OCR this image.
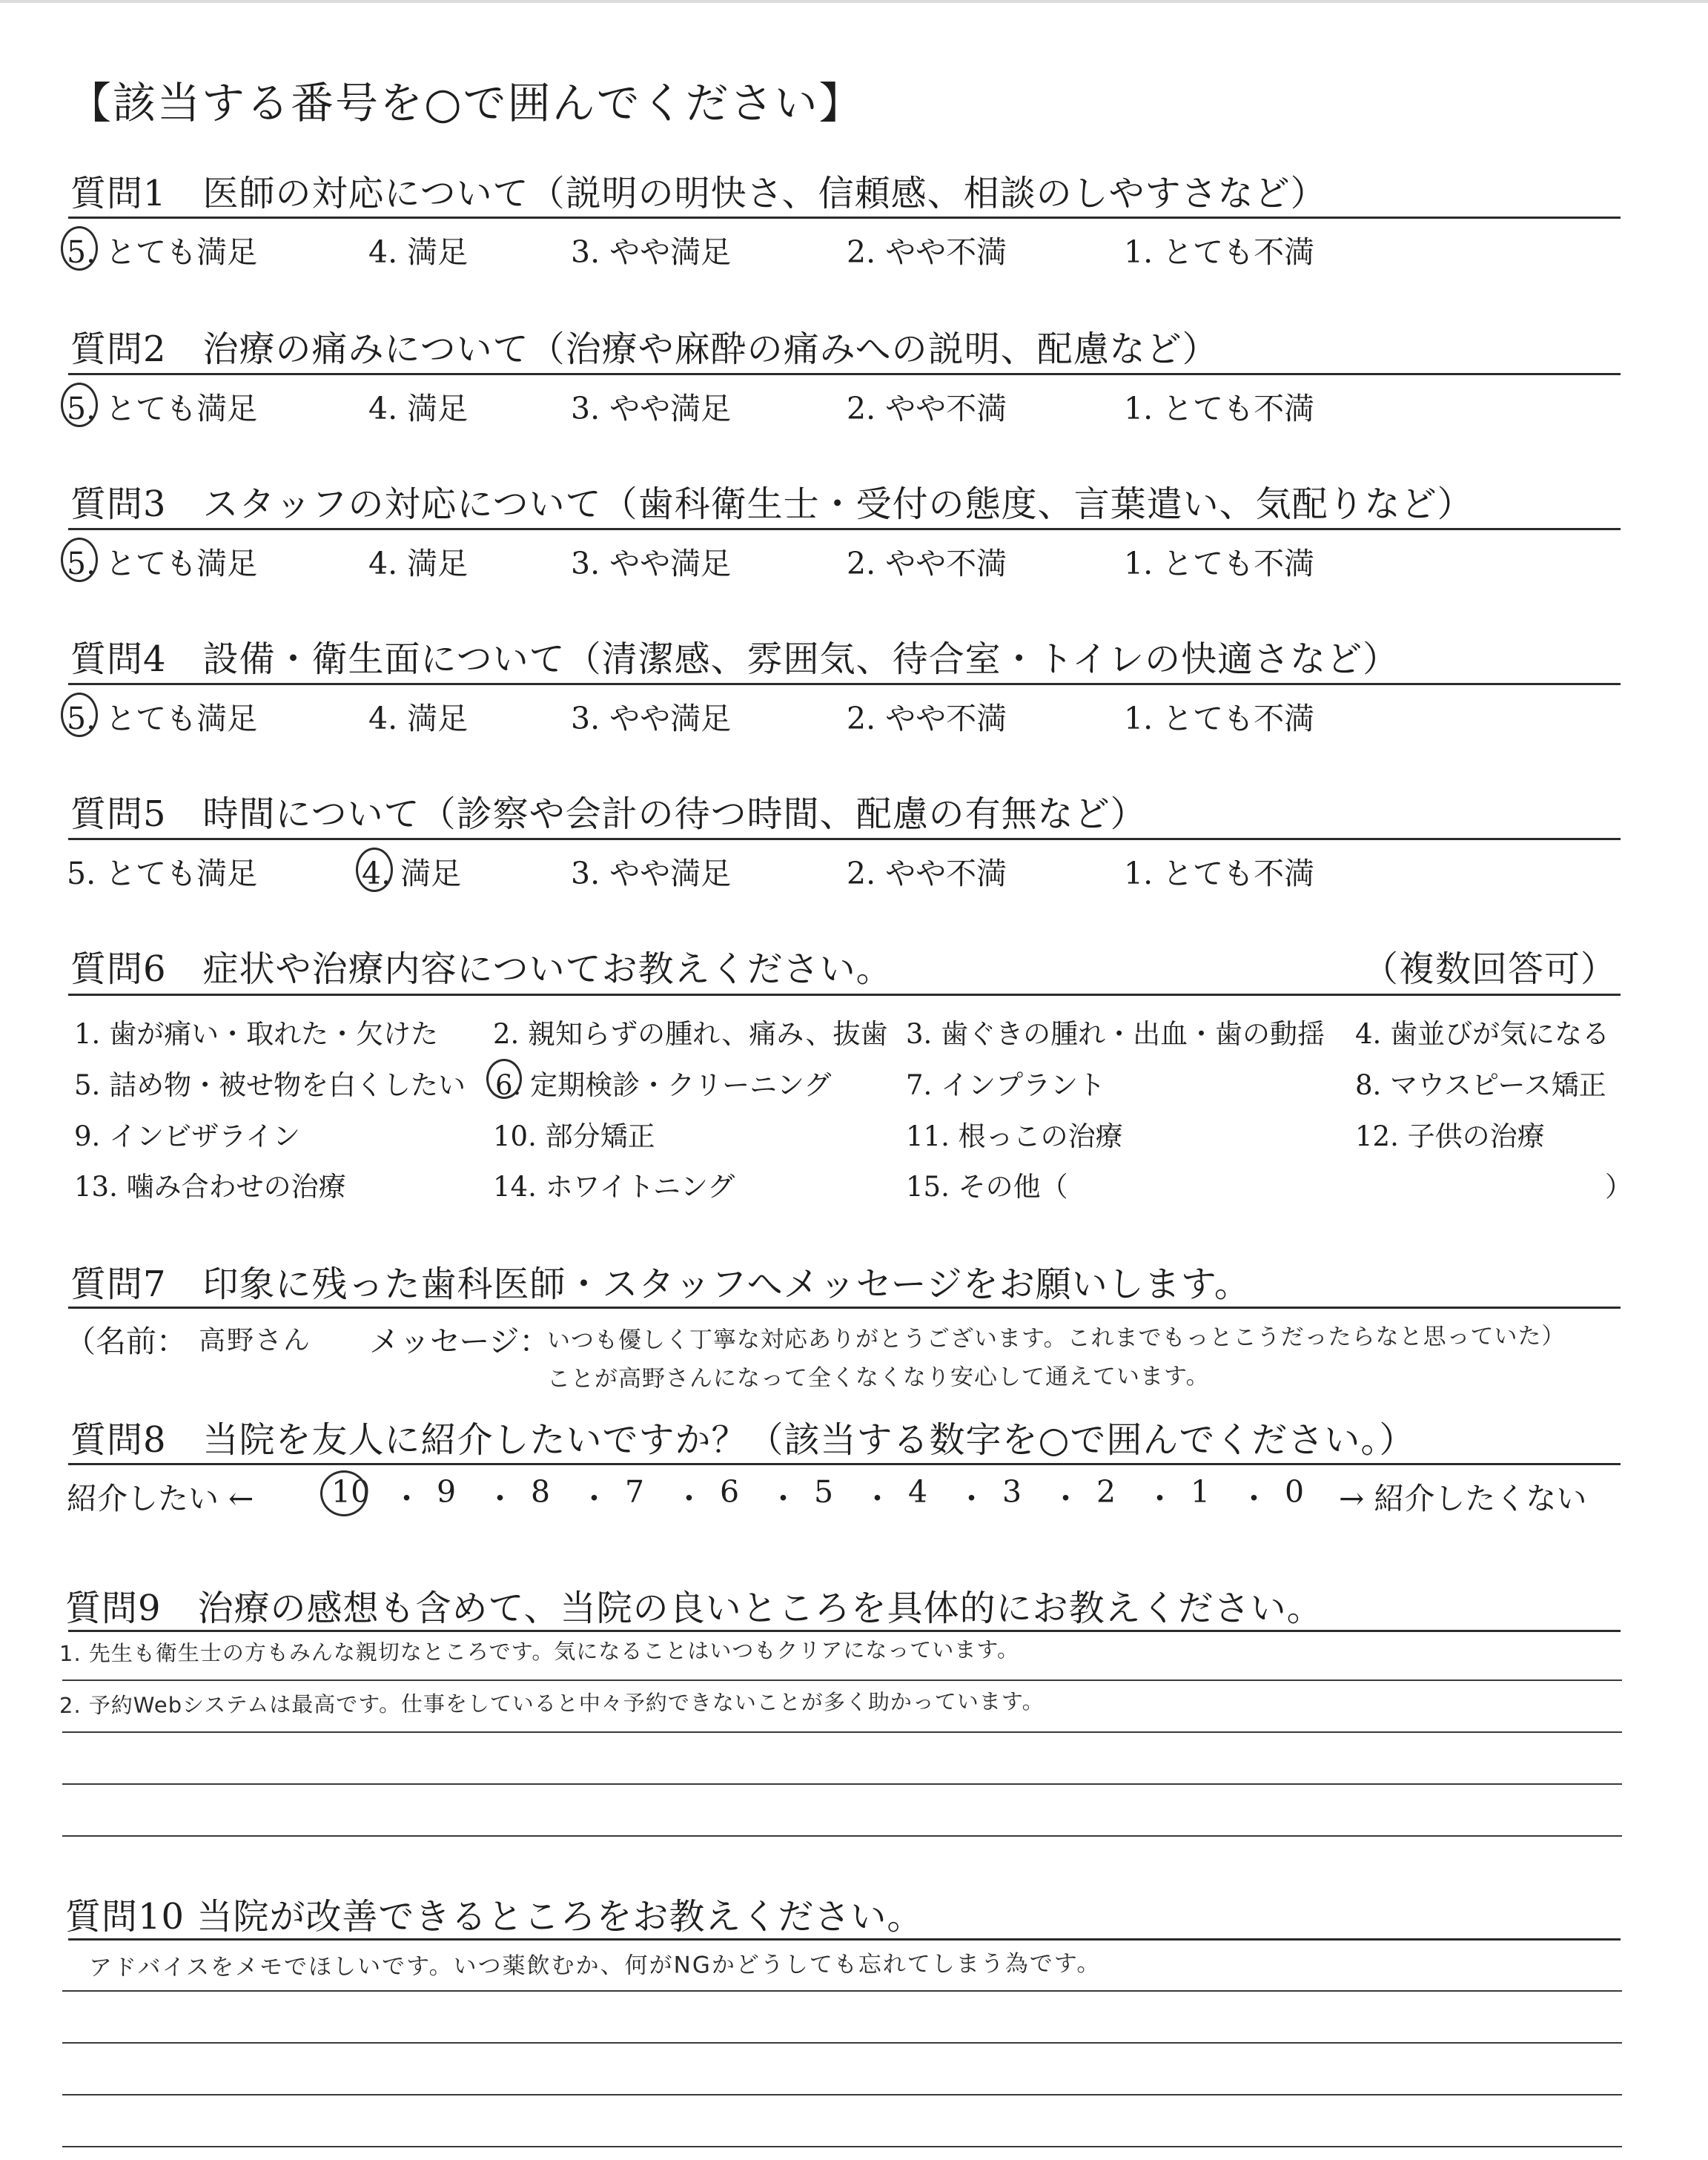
【該当する番号を○で囲んでください】
質問1　医師の対応について（説明の明快さ、信頼感、相談のしやすさなど）
5. とても満足	4. 満足	3. やや満足	2. やや不満	1. とても不満
質問2　治療の痛みについて（治療や麻酔の痛みへの説明、配慮など）
5. とても満足	4. 満足	3. やや満足	2. やや不満	1. とても不満
質問3　スタッフの対応について（歯科衛生士・受付の態度、言葉遣い、気配りなど）
5. とても満足	4. 満足	3. やや満足	2. やや不満	1. とても不満
質問4　設備・衛生面について（清潔感、雰囲気、待合室・トイレの快適さなど）
5. とても満足	4. 満足	3. やや満足	2. やや不満	1. とても不満
質問5　時間について（診察や会計の待つ時間、配慮の有無など）
5. とても満足	4. 満足	3. やや満足	2. やや不満	1. とても不満
質問6　症状や治療内容についてお教えください。	（複数回答可）
1. 歯が痛い・取れた・欠けた 2. 親知らずの腫れ、痛み、抜歯 3. 歯ぐきの腫れ・出血・歯の動揺 4. 歯並びが気になる
5. 詰め物・被せ物を白くしたい 6. 定期検診・クリーニング	7. インプラント	8. マウスピース矯正
9. インビザライン	10. 部分矯正	11. 根っこの治療	12. 子供の治療
13. 噛み合わせの治療	14. ホワイトニング	15. その他（	）
質問7　印象に残った歯科医師・スタッフへメッセージをお願いします。
（名前： 高野さん メッセージ：
いつも優しく丁寧な対応ありがとうございます。これまでもっとこうだったらなと思っていた）
ことが高野さんになって全くなくなり安心して通えています。
質問8　当院を友人に紹介したいですか？（該当する数字を○で囲んでください。）
紹介したい ←	10 ・ 9 ・ 8 ・ 7 ・ 6 ・ 5 ・ 4 ・ 3 ・ 2 ・ 1 ・ 0 → 紹介したくない
質問9　治療の感想も含めて、当院の良いところを具体的にお教えください。
1. 先生も衛生士の方もみんな親切なところです。気になることはいつもクリアになっています。
2. 予約Webシステムは最高です。仕事をしていると中々予約できないことが多く助かっています。
質問10 当院が改善できるところをお教えください。
アドバイスをメモでほしいです。いつ薬飲むか、何がNGかどうしても忘れてしまう為です。
